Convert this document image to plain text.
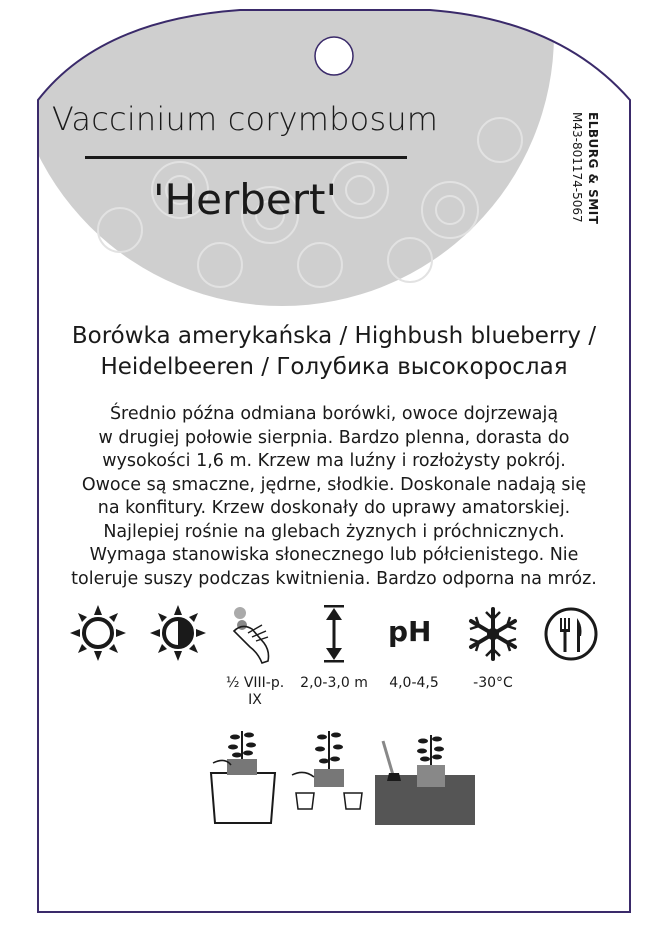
Vaccinium corymbosum
'Herbert'	ELBURG & SMIT
M43-801174-5067
Borówka amerykańska / Highbush blueberry /
Heidelbeeren / Голубика высокорослая
Średnio późna odmiana borówki, owoce dojrzewają
w drugiej połowie sierpnia. Bardzo plenna, dorasta do
wysokości 1,6 m. Krzew ma luźny i rozłożysty pokrój.
Owoce są smaczne, jędrne, słodkie. Doskonale nadają się
na konfitury. Krzew doskonały do uprawy amatorskiej.
Najlepiej rośnie na glebach żyznych i próchnicznych.
Wymaga stanowiska słonecznego lub półcienistego. Nie
toleruje suszy podczas kwitnienia. Bardzo odporna na mróz.
pH
½ VIII-p.
IX
2,0-3,0 m	4,0-4,5	-30°C
